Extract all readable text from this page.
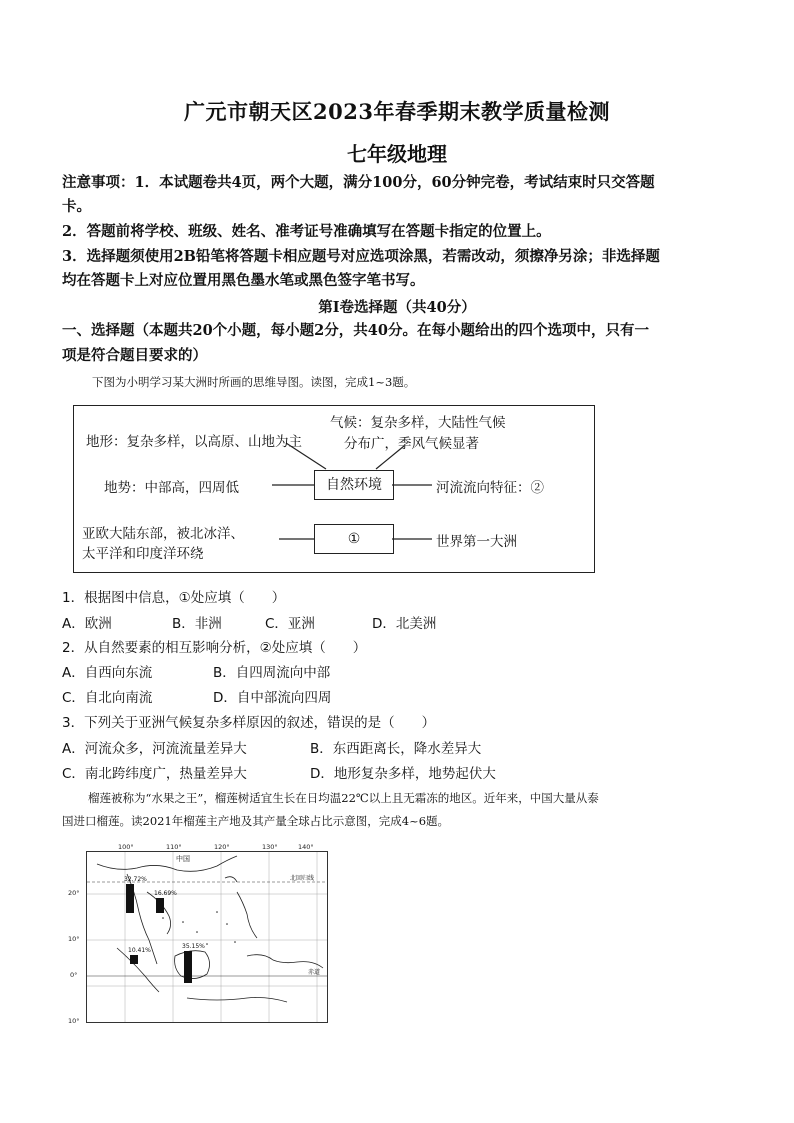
广元市朝天区2023年春季期末教学质量检测
七年级地理
注意事项：1．本试题卷共4页，两个大题，满分100分，60分钟完卷，考试结束时只交答题
卡。
2．答题前将学校、班级、姓名、准考证号准确填写在答题卡指定的位置上。
3．选择题须使用2B铅笔将答题卡相应题号对应选项涂黑，若需改动，须擦净另涂；非选择题
均在答题卡上对应位置用黑色墨水笔或黑色签字笔书写。
第Ⅰ卷选择题（共40分）
一、选择题（本题共20个小题，每小题2分，共40分。在每小题给出的四个选项中，只有一
项是符合题目要求的）
下图为小明学习某大洲时所画的思维导图。读图，完成1~3题。
地形：复杂多样，以高原、山地为主
气候：复杂多样，大陆性气候
分布广，季风气候显著
地势：中部高，四周低	自然环境	河流流向特征：②
亚欧大陆东部，被北冰洋、
太平洋和印度洋环绕
①	世界第一大洲
1．根据图中信息，①处应填（　　）
A．欧洲	B．非洲	C．亚洲	D．北美洲
2．从自然要素的相互影响分析，②处应填（　　）
A．自西向东流	B．自四周流向中部
C．自北向南流	D．自中部流向四周
3．下列关于亚洲气候复杂多样原因的叙述，错误的是（　　）
A．河流众多，河流流量差异大	B．东西距离长，降水差异大
C．南北跨纬度广，热量差异大	D．地形复杂多样，地势起伏大
榴莲被称为“水果之王”，榴莲树适宜生长在日均温22℃以上且无霜冻的地区。近年来，中国大量从泰
国进口榴莲。读2021年榴莲主产地及其产量全球占比示意图，完成4~6题。
100°	110°	120°	130°	140°
20°
10°
0°
10°
中国
北回归线
赤道
32.72%
16.69%
10.41%
35.15%
